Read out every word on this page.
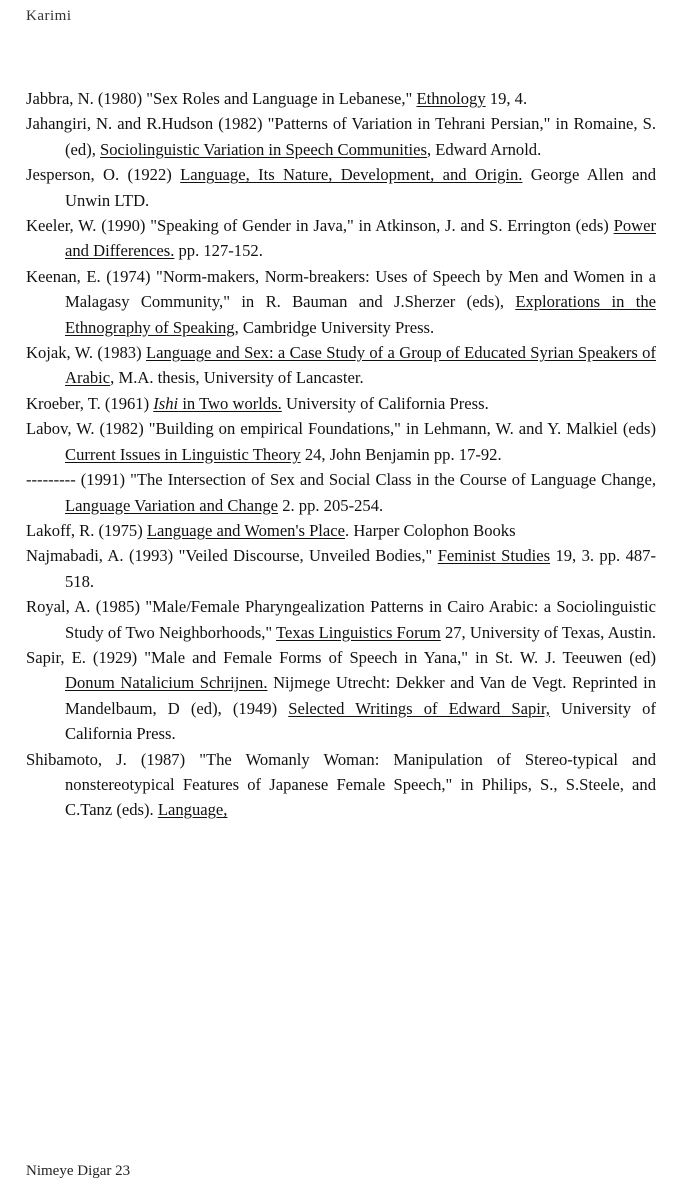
Karimi

Jabbra, N. (1980) "Sex Roles and Language in Lebanese," Ethnology 19, 4.

Jahangiri, N. and R.Hudson (1982) "Patterns of Variation in Tehrani Persian," in Romaine, S. (ed), Sociolinguistic Variation in Speech Communities, Edward Arnold.

Jesperson, O. (1922) Language, Its Nature, Development, and Origin. George Allen and Unwin LTD.

Keeler, W. (1990) "Speaking of Gender in Java," in Atkinson, J. and S. Errington (eds) Power and Differences. pp. 127-152.

Keenan, E. (1974) "Norm-makers, Norm-breakers: Uses of Speech by Men and Women in a Malagasy Community," in R. Bauman and J.Sherzer (eds), Explorations in the Ethnography of Speaking, Cambridge University Press.

Kojak, W. (1983) Language and Sex: a Case Study of a Group of Educated Syrian Speakers of Arabic, M.A. thesis, University of Lancaster.

Kroeber, T. (1961) Ishi in Two worlds. University of California Press.

Labov, W. (1982) "Building on empirical Foundations," in Lehmann, W. and Y. Malkiel (eds) Current Issues in Linguistic Theory 24, John Benjamin pp. 17-92.

--------- (1991) "The Intersection of Sex and Social Class in the Course of Language Change, Language Variation and Change 2. pp. 205-254.

Lakoff, R. (1975) Language and Women's Place. Harper Colophon Books

Najmabadi, A. (1993) "Veiled Discourse, Unveiled Bodies," Feminist Studies 19, 3. pp. 487-518.

Royal, A. (1985) "Male/Female Pharyngealization Patterns in Cairo Arabic: a Sociolinguistic Study of Two Neighborhoods," Texas Linguistics Forum 27, University of Texas, Austin.

Sapir, E. (1929) "Male and Female Forms of Speech in Yana," in St. W. J. Teeuwen (ed) Donum Natalicium Schrijnen. Nijmege Utrecht: Dekker and Van de Vegt. Reprinted in Mandelbaum, D (ed), (1949) Selected Writings of Edward Sapir, University of California Press.

Shibamoto, J. (1987) "The Womanly Woman: Manipulation of Stereo-typical and nonstereotypical Features of Japanese Female Speech," in Philips, S., S.Steele, and C.Tanz (eds). Language,

Nimeye Digar 23
